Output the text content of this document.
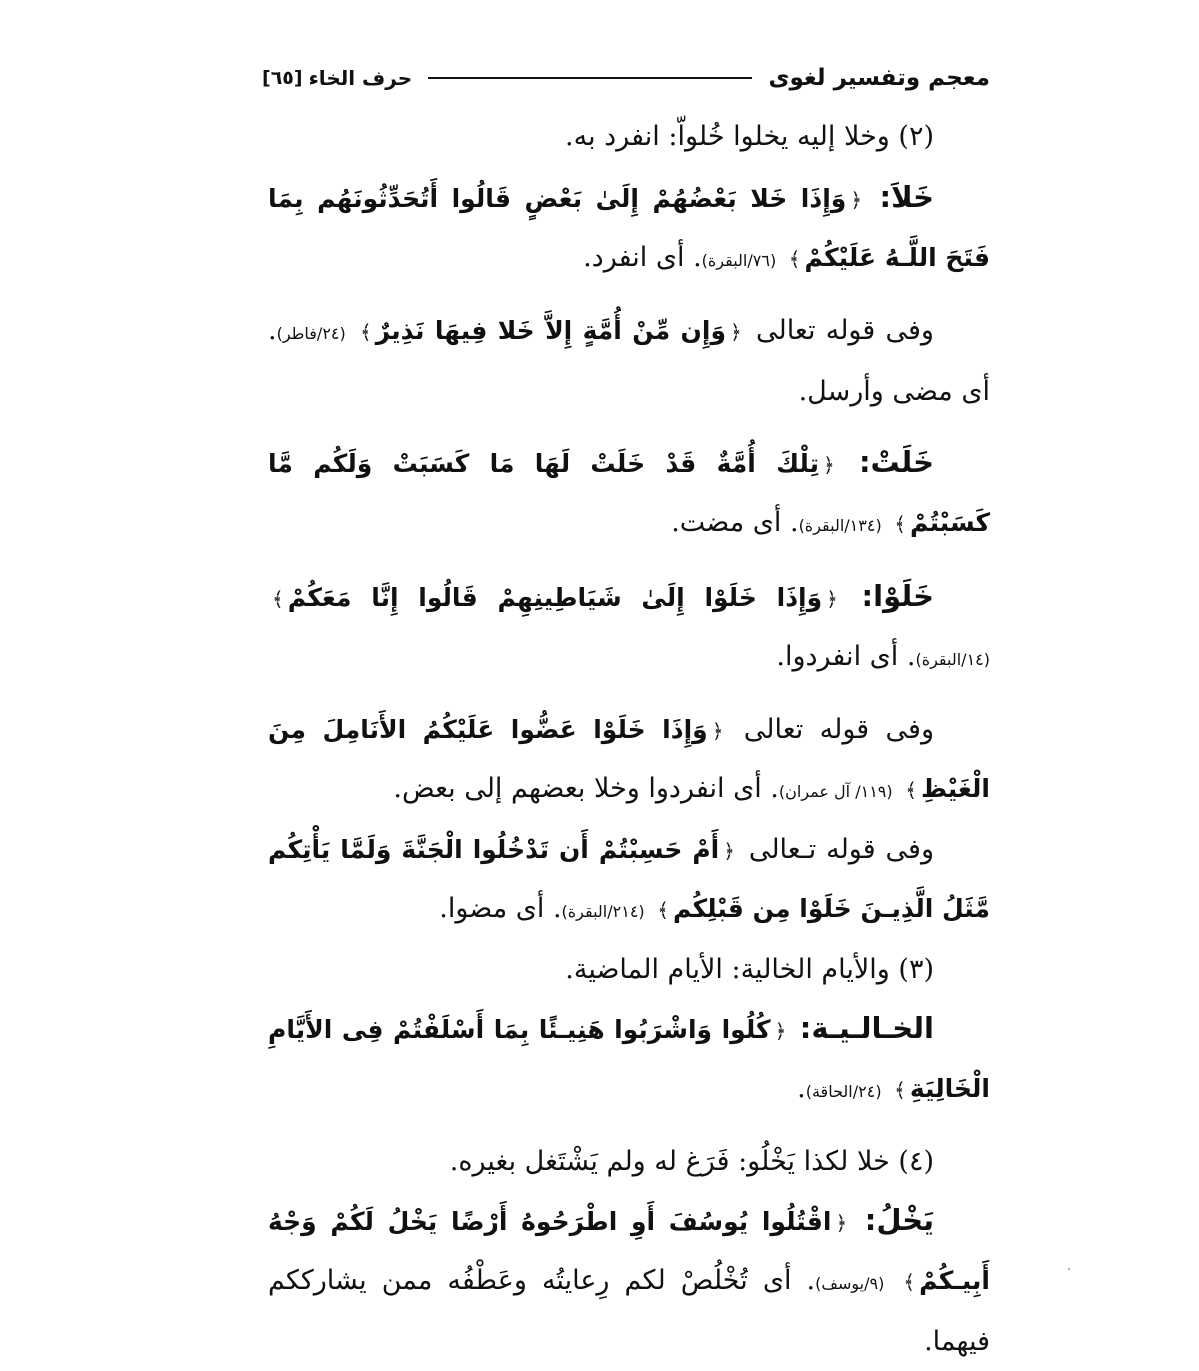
معجم وتفسير لغوى
حرف الخاء
[٦٥]

(٢) وخلا إليه يخلوا خُلواّ: انفرد به.

خَلاَ: ﴿وَإِذَا خَلا بَعْضُهُمْ إِلَىٰ بَعْضٍ قَالُوا أَتُحَدِّثُونَهُم بِمَا فَتَحَ اللَّـهُ عَلَيْكُمْ﴾ (٧٦/البقرة). أى انفرد.

وفى قوله تعالى ﴿وَإِن مِّنْ أُمَّةٍ إِلاَّ خَلا فِيهَا نَذِيرٌ﴾ (٢٤/فاطر). أى مضى وأرسل.

خَلَتْ: ﴿تِلْكَ أُمَّةٌ قَدْ خَلَتْ لَهَا مَا كَسَبَتْ وَلَكُم مَّا كَسَبْتُمْ﴾ (١٣٤/البقرة). أى مضت.

خَلَوْا: ﴿وَإِذَا خَلَوْا إِلَىٰ شَيَاطِينِهِمْ قَالُوا إِنَّا مَعَكُمْ﴾ (١٤/البقرة). أى انفردوا.

وفى قوله تعالى ﴿وَإِذَا خَلَوْا عَضُّوا عَلَيْكُمُ الأَنَامِلَ مِنَ الْغَيْظِ﴾ (١١٩/ آل عمران). أى انفردوا وخلا بعضهم إلى بعض.

وفى قوله تـعالى ﴿أَمْ حَسِبْتُمْ أَن تَدْخُلُوا الْجَنَّةَ وَلَمَّا يَأْتِكُم مَّثَلُ الَّذِيـنَ خَلَوْا مِن قَبْلِكُم﴾ (٢١٤/البقرة). أى مضوا.

(٣) والأيام الخالية: الأيام الماضية.

الخـالـيـة: ﴿كُلُوا وَاشْرَبُوا هَنِيـئًا بِمَا أَسْلَفْتُمْ فِى الأَيَّامِ الْخَالِيَةِ﴾ (٢٤/الحاقة).

(٤) خلا لكذا يَخْلُو: فَرَغ له ولم يَشْتَغل بغيره.

يَخْلُ: ﴿اقْتُلُوا يُوسُفَ أَوِ اطْرَحُوهُ أَرْضًا يَخْلُ لَكُمْ وَجْهُ أَبِيـكُمْ﴾ (٩/يوسف). أى تُخْلُصْ لكم رِعايتُه وعَطْفُه ممن يشارككم فيهما.
